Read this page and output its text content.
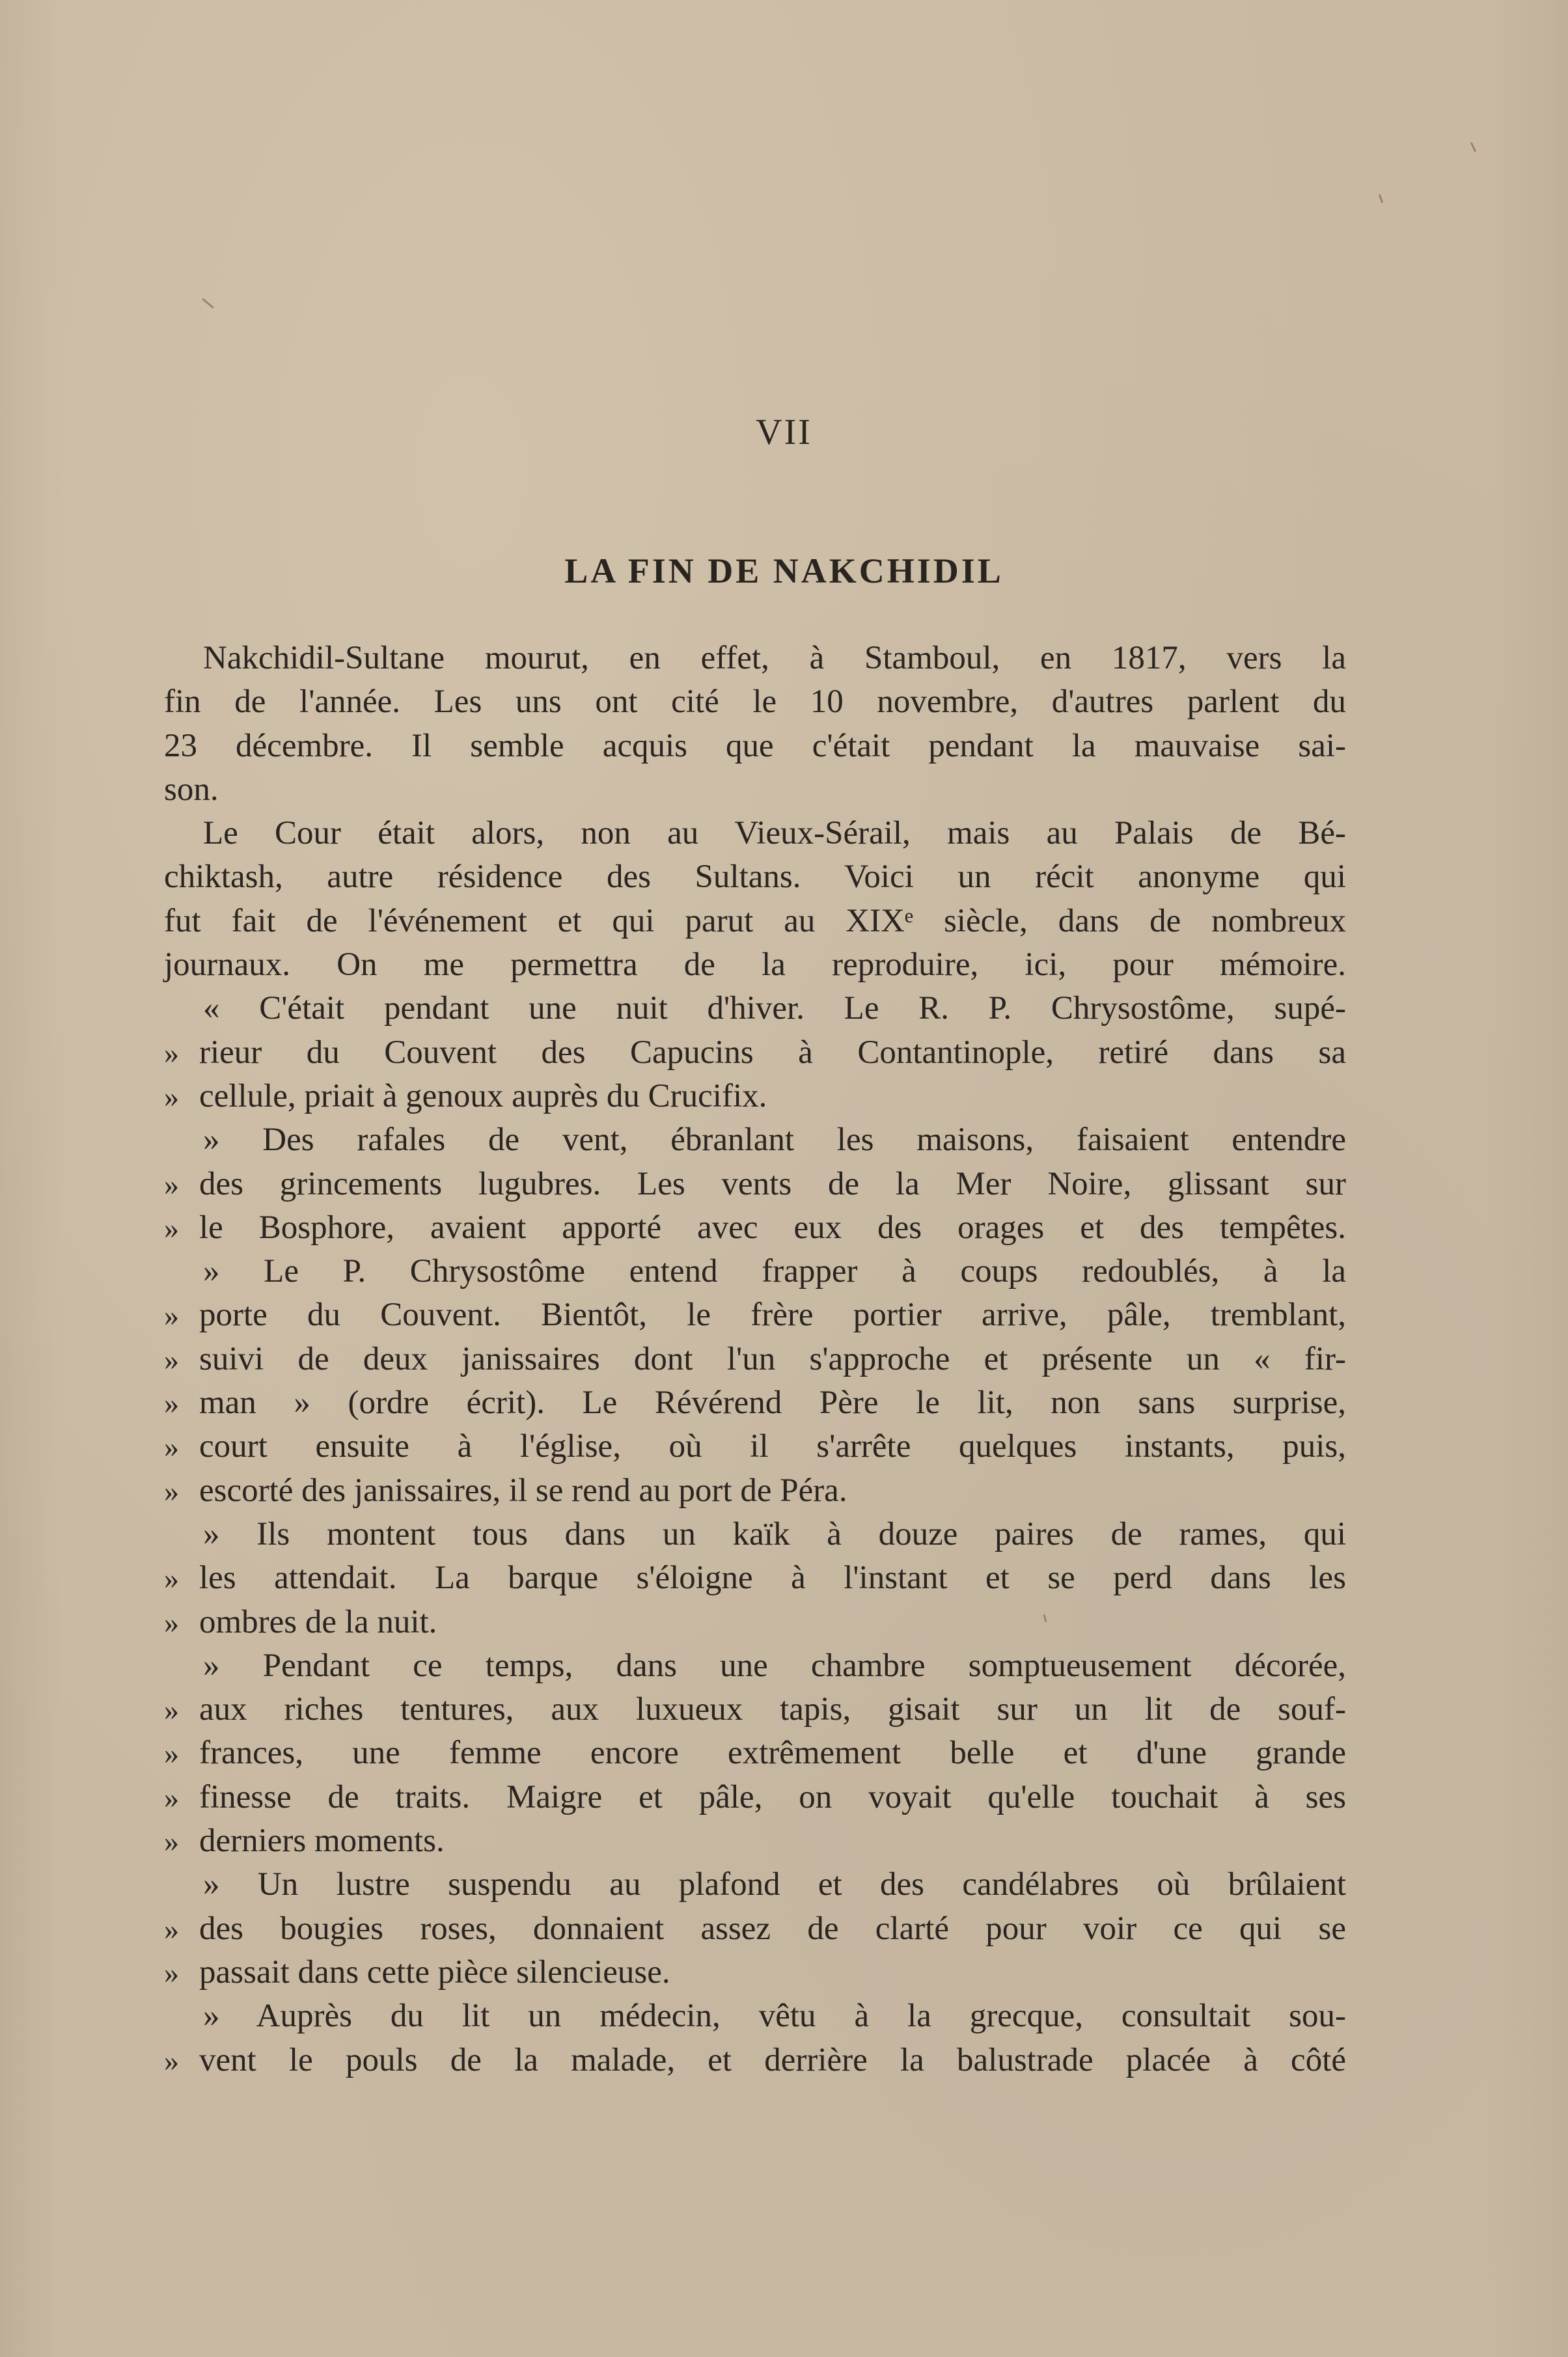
VII
LA FIN DE NAKCHIDIL
Nakchidil-Sultane mourut, en effet, à Stamboul, en 1817, vers la
fin de l'année. Les uns ont cité le 10 novembre, d'autres parlent du
23 décembre. Il semble acquis que c'était pendant la mauvaise sai-
son.
Le Cour était alors, non au Vieux-Sérail, mais au Palais de Bé-
chiktash, autre résidence des Sultans. Voici un récit anonyme qui
fut fait de l'événement et qui parut au XIXᵉ siècle, dans de nombreux
journaux. On me permettra de la reproduire, ici, pour mémoire.
« C'était pendant une nuit d'hiver. Le R. P. Chrysostôme, supé-
» rieur du Couvent des Capucins à Contantinople, retiré dans sa
» cellule, priait à genoux auprès du Crucifix.
» Des rafales de vent, ébranlant les maisons, faisaient entendre
» des grincements lugubres. Les vents de la Mer Noire, glissant sur
» le Bosphore, avaient apporté avec eux des orages et des tempêtes.
» Le P. Chrysostôme entend frapper à coups redoublés, à la
» porte du Couvent. Bientôt, le frère portier arrive, pâle, tremblant,
» suivi de deux janissaires dont l'un s'approche et présente un « fir-
» man » (ordre écrit). Le Révérend Père le lit, non sans surprise,
» court ensuite à l'église, où il s'arrête quelques instants, puis,
» escorté des janissaires, il se rend au port de Péra.
» Ils montent tous dans un kaïk à douze paires de rames, qui
» les attendait. La barque s'éloigne à l'instant et se perd dans les
» ombres de la nuit.
» Pendant ce temps, dans une chambre somptueusement décorée,
» aux riches tentures, aux luxueux tapis, gisait sur un lit de souf-
» frances, une femme encore extrêmement belle et d'une grande
» finesse de traits. Maigre et pâle, on voyait qu'elle touchait à ses
» derniers moments.
» Un lustre suspendu au plafond et des candélabres où brûlaient
» des bougies roses, donnaient assez de clarté pour voir ce qui se
» passait dans cette pièce silencieuse.
» Auprès du lit un médecin, vêtu à la grecque, consultait sou-
» vent le pouls de la malade, et derrière la balustrade placée à côté
